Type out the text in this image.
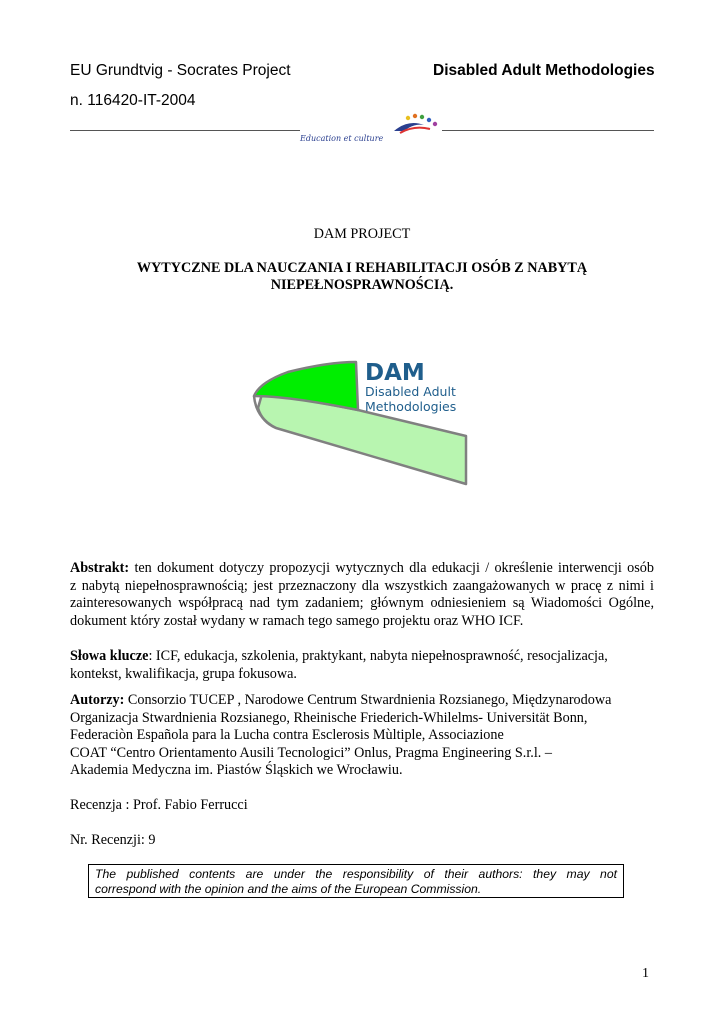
EU Grundtvig - Socrates Project
n. 116420-IT-2004
Disabled Adult Methodologies
Education et culture
DAM PROJECT
WYTYCZNE DLA NAUCZANIA I REHABILITACJI OSÓB Z NABYTĄ
NIEPEŁNOSPRAWNOŚCIĄ.
DAM
Disabled Adult
Methodologies
Abstrakt: ten dokument dotyczy propozycji wytycznych dla edukacji / określenie interwencji osób
z nabytą niepełnosprawnością; jest przeznaczony dla wszystkich zaangażowanych w pracę z nimi i
zainteresowanych współpracą nad tym zadaniem; głównym odniesieniem są Wiadomości Ogólne,
dokument który został wydany w ramach tego samego projektu oraz WHO ICF.
Słowa klucze: ICF, edukacja, szkolenia, praktykant, nabyta niepełnosprawność, resocjalizacja,
kontekst, kwalifikacja, grupa fokusowa.
Autorzy: Consorzio TUCEP , Narodowe Centrum Stwardnienia Rozsianego, Międzynarodowa
Organizacja Stwardnienia Rozsianego, Rheinische Friederich-Whilelms- Universität Bonn,
Federaciòn Española para la Lucha contra Esclerosis Mùltiple, Associazione
COAT “Centro Orientamento Ausili Tecnologici” Onlus, Pragma Engineering S.r.l. –
Akademia Medyczna im. Piastów Śląskich we Wrocławiu.
Recenzja : Prof. Fabio Ferrucci
Nr. Recenzji: 9
The published contents are under the responsibility of their authors: they may not
correspond with the opinion and the aims of the European Commission.
1
